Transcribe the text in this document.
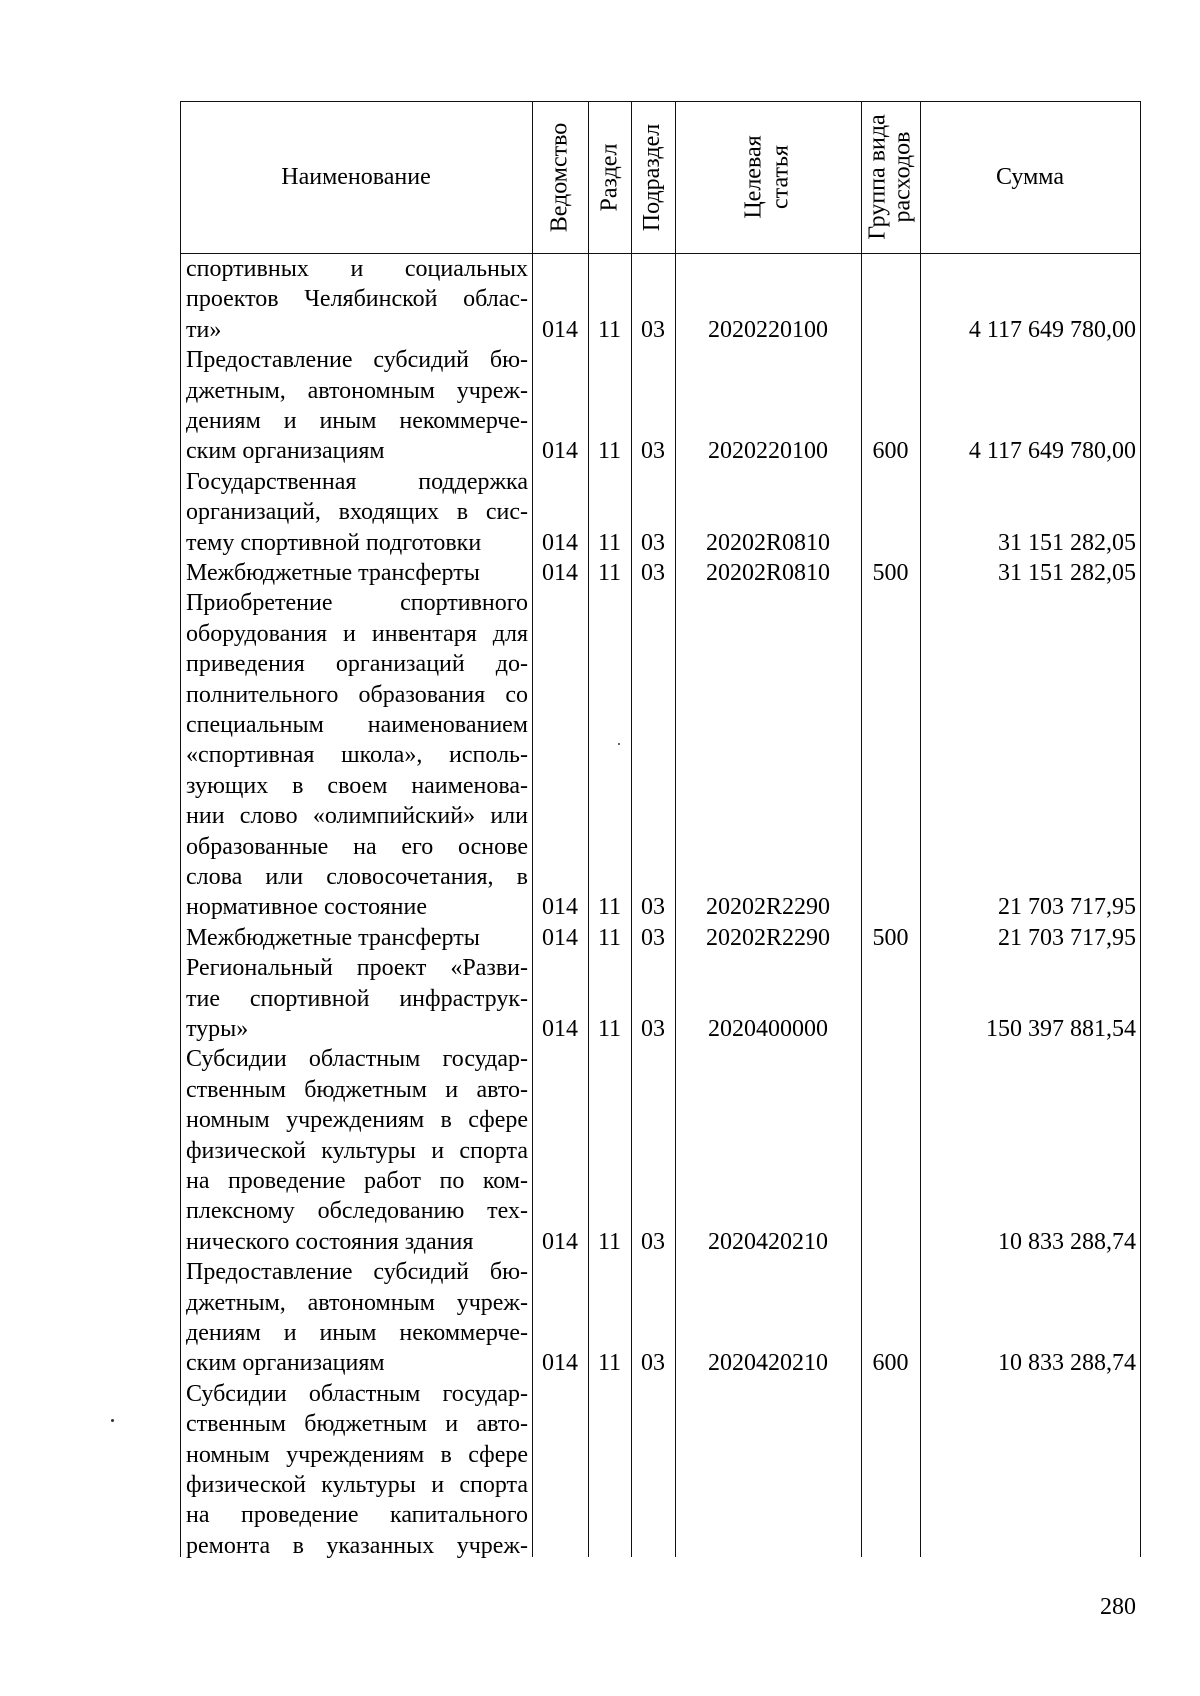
Наименование	Ведомство Раздел Подраздел	Целевая статья	Группа вида расходов	Сумма
спортивных и социальных
проектов Челябинской облас-
ти»	014 11 03	2020220100	4 117 649 780,00
Предоставление субсидий бю-
джетным, автономным учреж-
дениям и иным некоммерче-
ским организациям	014 11 03	2020220100	600	4 117 649 780,00
Государственная поддержка
организаций, входящих в сис-
тему спортивной подготовки	014 11 03	20202R0810	31 151 282,05
Межбюджетные трансферты	014 11 03	20202R0810	500	31 151 282,05
Приобретение спортивного
оборудования и инвентаря для
приведения организаций до-
полнительного образования со
специальным наименованием
«спортивная школа», исполь-
зующих в своем наименова-
нии слово «олимпийский» или
образованные на его основе
слова или словосочетания, в
нормативное состояние	014 11 03	20202R2290	21 703 717,95
Межбюджетные трансферты	014 11 03	20202R2290	500	21 703 717,95
Региональный проект «Разви-
тие спортивной инфраструк-
туры»	014 11 03	2020400000	150 397 881,54
Субсидии областным государ-
ственным бюджетным и авто-
номным учреждениям в сфере
физической культуры и спорта
на проведение работ по ком-
плексному обследованию тех-
нического состояния здания	014 11 03	2020420210	10 833 288,74
Предоставление субсидий бю-
джетным, автономным учреж-
дениям и иным некоммерче-
ским организациям	014 11 03	2020420210	600	10 833 288,74
Субсидии областным государ-
ственным бюджетным и авто-
номным учреждениям в сфере
физической культуры и спорта
на проведение капитального
ремонта в указанных учреж-
280
